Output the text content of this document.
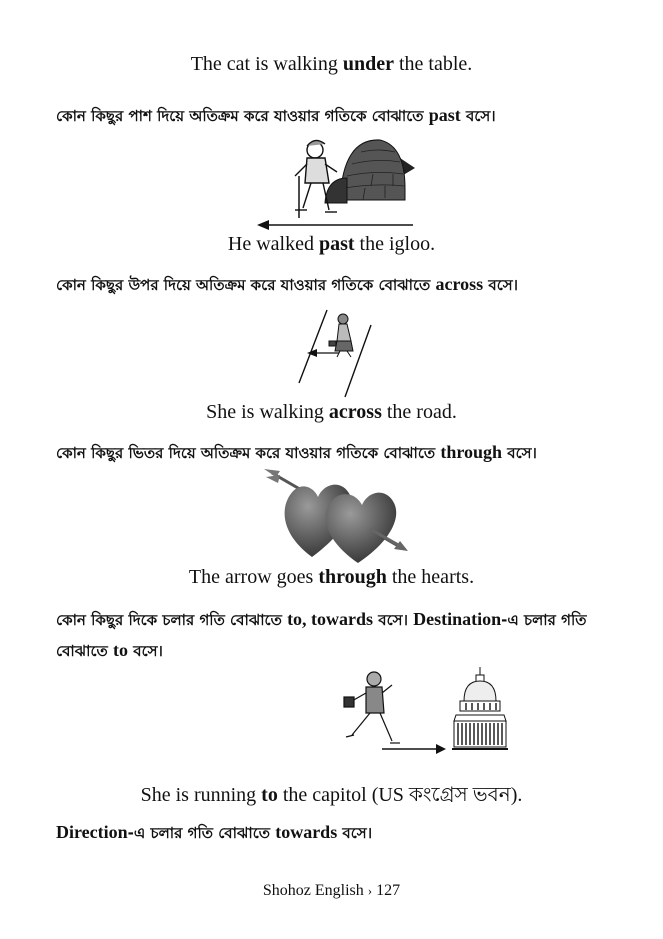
The cat is walking under the table.
কোন কিছুর পাশ দিয়ে অতিক্রম করে যাওয়ার গতিকে বোঝাতে past বসে।
He walked past the igloo.
কোন কিছুর উপর দিয়ে অতিক্রম করে যাওয়ার গতিকে বোঝাতে across বসে।
She is walking across the road.
কোন কিছুর ভিতর দিয়ে অতিক্রম করে যাওয়ার গতিকে বোঝাতে through বসে।
The arrow goes through the hearts.
কোন কিছুর দিকে চলার গতি বোঝাতে to, towards বসে। Destination-এ চলার গতি বোঝাতে to বসে।
She is running to the capitol (US কংগ্রেস ভবন).
Direction-এ চলার গতি বোঝাতে towards বসে।
Shohoz English › 127
